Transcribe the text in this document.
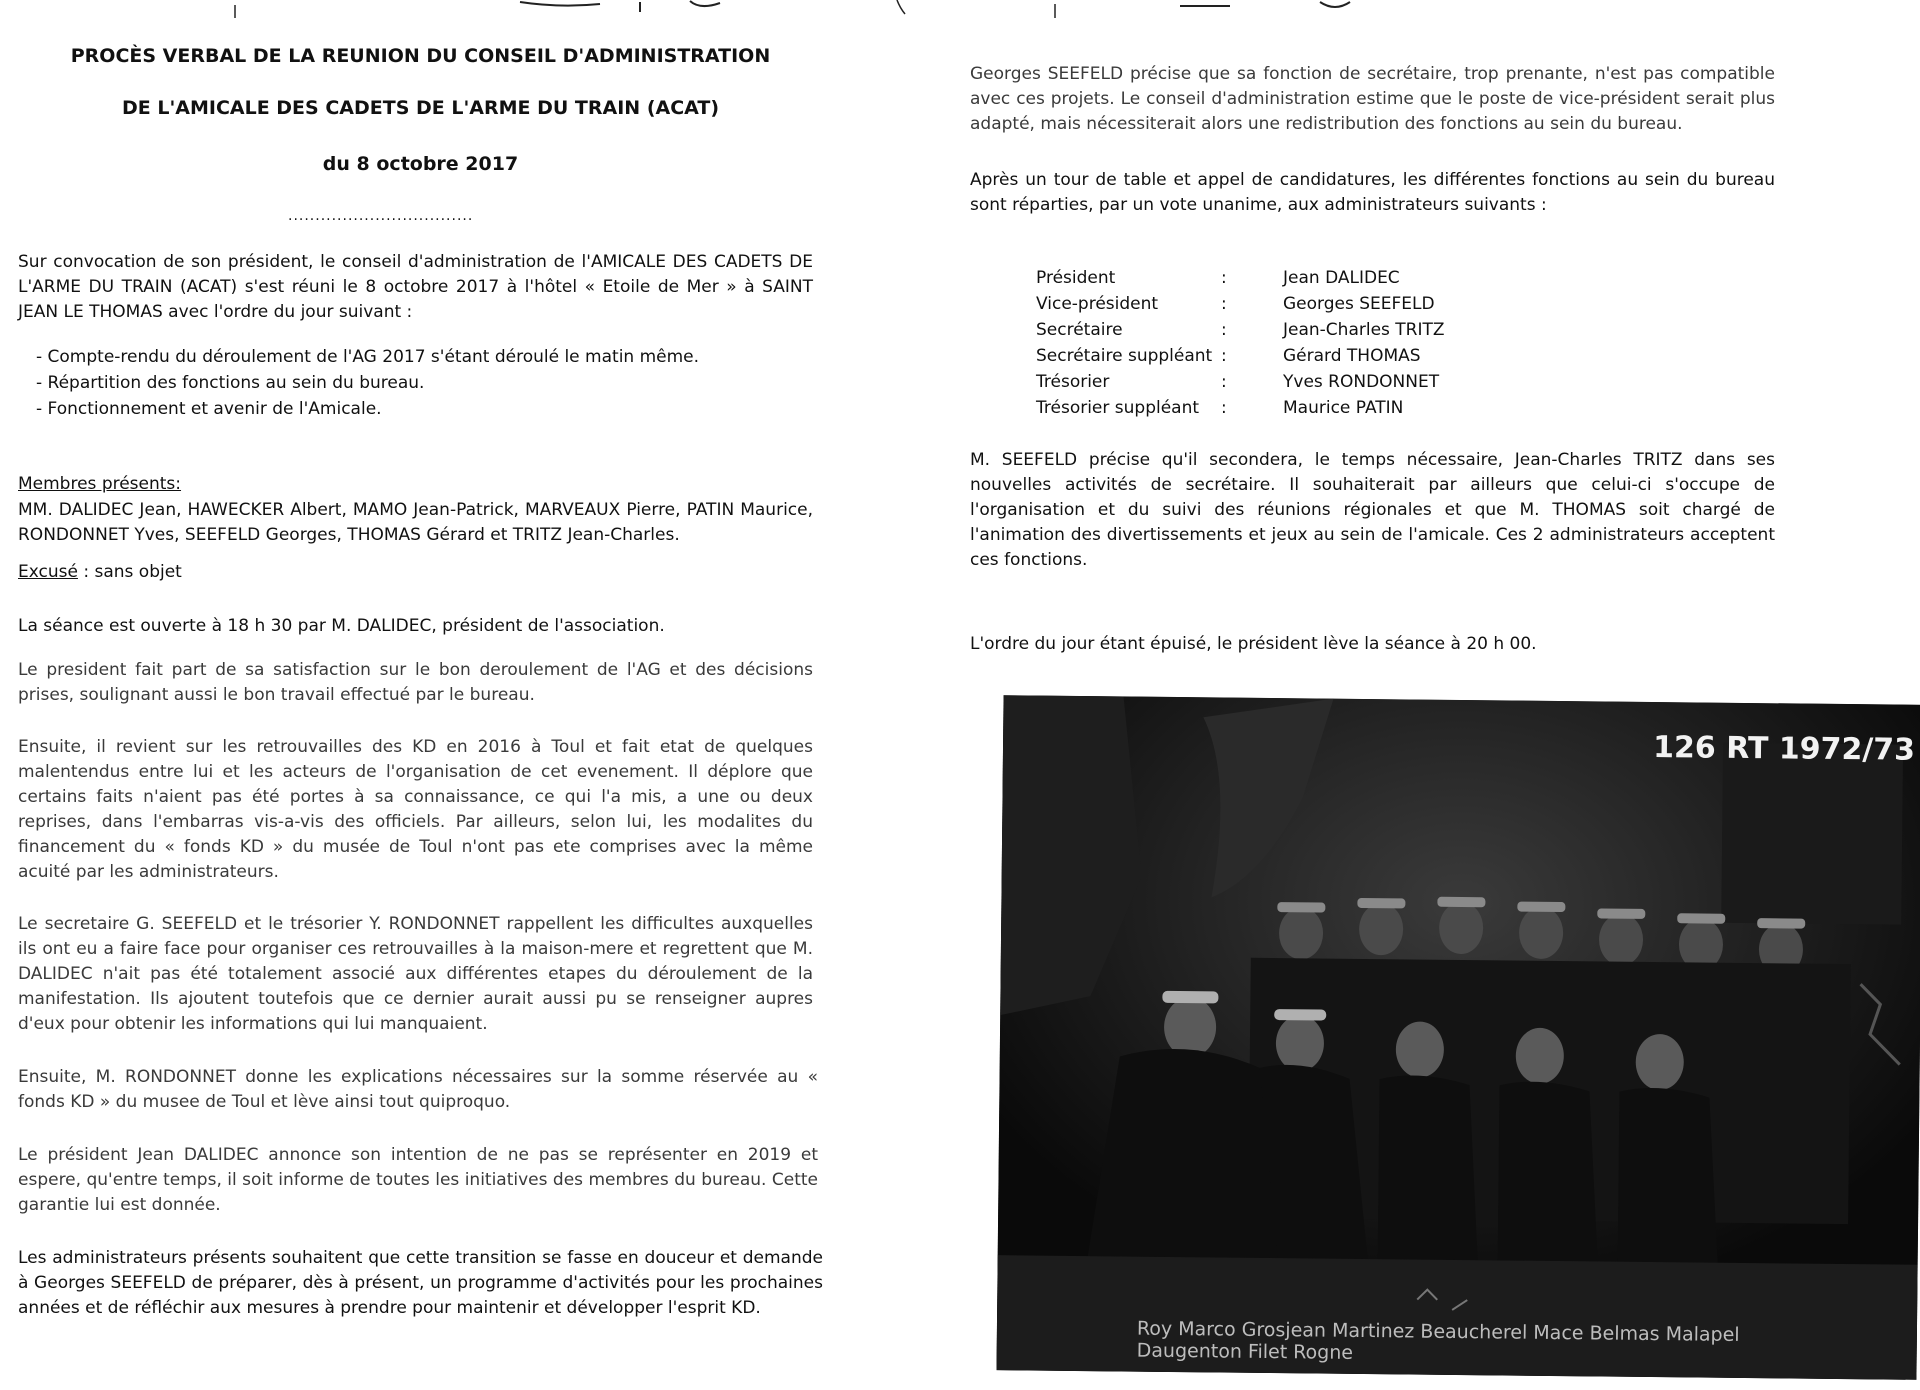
PROCÈS VERBAL DE LA REUNION DU CONSEIL D'ADMINISTRATION
DE L'AMICALE DES CADETS DE L'ARME DU TRAIN (ACAT)
du 8 octobre 2017
..................................

Sur convocation de son président, le conseil d'administration de l'AMICALE DES CADETS DE L'ARME DU TRAIN (ACAT) s'est réuni le 8 octobre 2017 à l'hôtel « Etoile de Mer » à SAINT JEAN LE THOMAS avec l'ordre du jour suivant :

- Compte-rendu du déroulement de l'AG 2017 s'étant déroulé le matin même.
- Répartition des fonctions au sein du bureau.
- Fonctionnement et avenir de l'Amicale.
Membres présents:

MM. DALIDEC Jean, HAWECKER Albert, MAMO Jean-Patrick, MARVEAUX Pierre, PATIN Maurice, RONDONNET Yves, SEEFELD Georges, THOMAS Gérard et TRITZ Jean-Charles.

Excusé : sans objet

La séance est ouverte à 18 h 30 par M. DALIDEC, président de l'association.

Le president fait part de sa satisfaction sur le bon deroulement de l'AG et des décisions prises, soulignant aussi le bon travail effectué par le bureau.

Ensuite, il revient sur les retrouvailles des KD en 2016 à Toul et fait etat de quelques malentendus entre lui et les acteurs de l'organisation de cet evenement. Il déplore que certains faits n'aient pas été portes à sa connaissance, ce qui l'a mis, a une ou deux reprises, dans l'embarras vis-a-vis des officiels. Par ailleurs, selon lui, les modalites du financement du « fonds KD » du musée de Toul n'ont pas ete comprises avec la même acuité par les administrateurs.

Le secretaire G. SEEFELD et le trésorier Y. RONDONNET rappellent les difficultes auxquelles ils ont eu a faire face pour organiser ces retrouvailles à la maison-mere et regrettent que M. DALIDEC n'ait pas été totalement associé aux différentes etapes du déroulement de la manifestation. Ils ajoutent toutefois que ce dernier aurait aussi pu se renseigner aupres d'eux pour obtenir les informations qui lui manquaient.

Ensuite, M. RONDONNET donne les explications nécessaires sur la somme réservée au « fonds KD » du musee de Toul et lève ainsi tout quiproquo.

Le président Jean DALIDEC annonce son intention de ne pas se représenter en 2019 et espere, qu'entre temps, il soit informe de toutes les initiatives des membres du bureau. Cette garantie lui est donnée.

Les administrateurs présents souhaitent que cette transition se fasse en douceur et demande à Georges SEEFELD de préparer, dès à présent, un programme d'activités pour les prochaines années et de réfléchir aux mesures à prendre pour maintenir et développer l'esprit KD.

Georges SEEFELD précise que sa fonction de secrétaire, trop prenante, n'est pas compatible avec ces projets. Le conseil d'administration estime que le poste de vice-président serait plus adapté, mais nécessiterait alors une redistribution des fonctions au sein du bureau.

Après un tour de table et appel de candidatures, les différentes fonctions au sein du bureau sont réparties, par un vote unanime, aux administrateurs suivants :

Président	:	Jean DALIDEC
Vice-président	:	Georges SEEFELD
Secrétaire	:	Jean-Charles TRITZ
Secrétaire suppléant	:	Gérard THOMAS
Trésorier	:	Yves RONDONNET
Trésorier suppléant	:	Maurice PATIN

M. SEEFELD précise qu'il secondera, le temps nécessaire, Jean-Charles TRITZ dans ses nouvelles activités de secrétaire. Il souhaiterait par ailleurs que celui-ci s'occupe de l'organisation et du suivi des réunions régionales et que M. THOMAS soit chargé de l'animation des divertissements et jeux au sein de l'amicale. Ces 2 administrateurs acceptent ces fonctions.

L'ordre du jour étant épuisé, le président lève la séance à 20 h 00.

126 RT 1972/73
Roy Marco Grosjean Martinez Beaucherel Mace Belmas Malapel
Daugenton Filet Rogne
